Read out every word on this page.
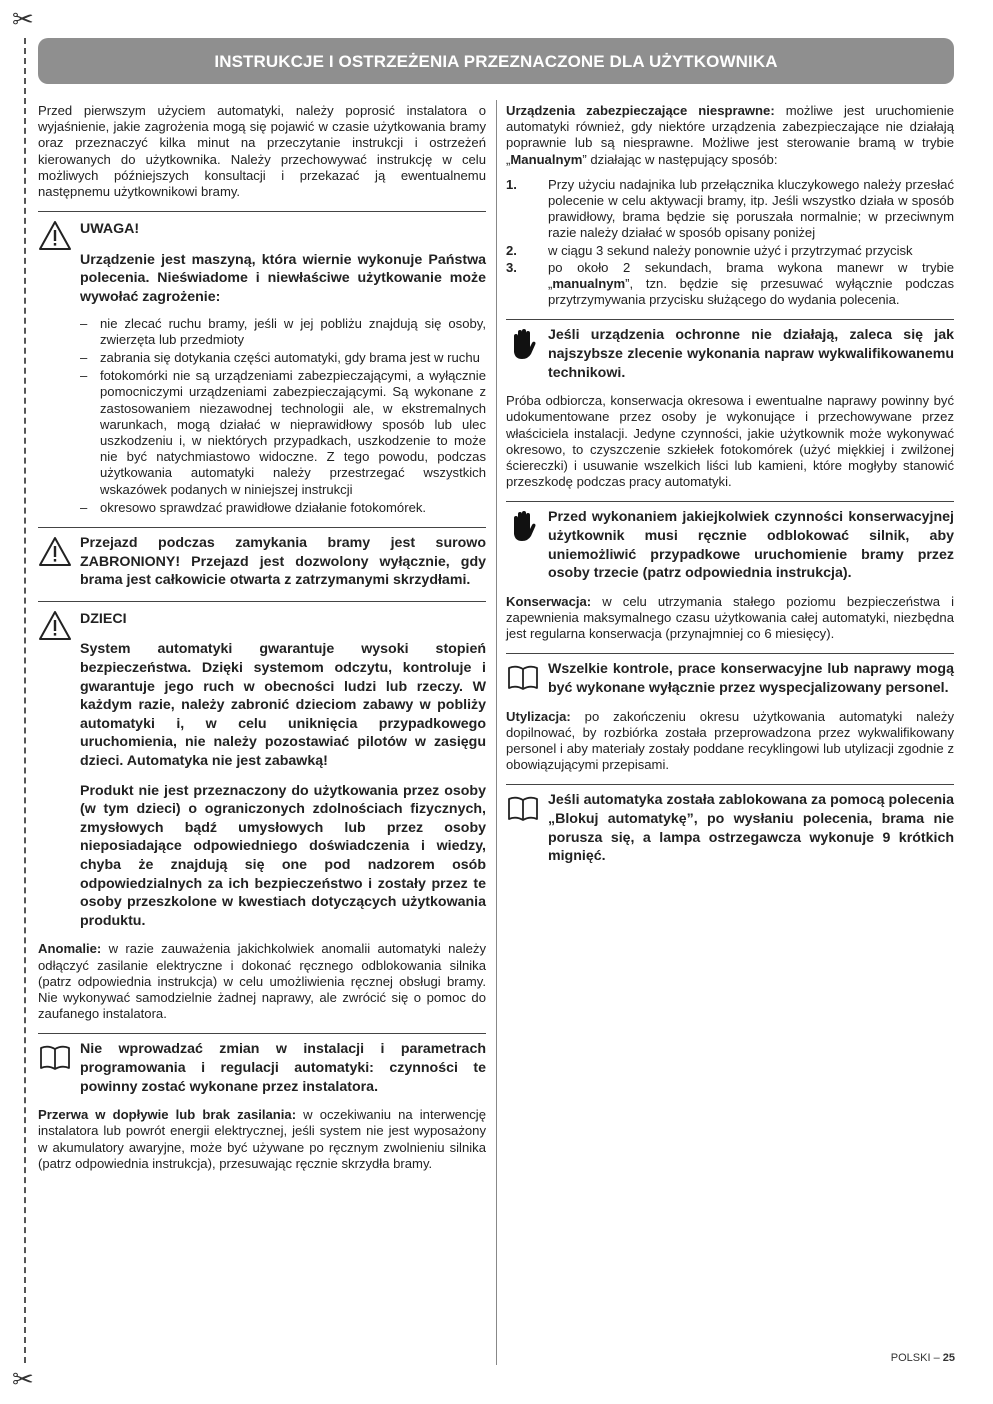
✂
✂
INSTRUKCJE I OSTRZEŻENIA PRZEZNACZONE DLA UŻYTKOWNIKA

Przed pierwszym użyciem automatyki, należy poprosić instalatora o wyjaśnienie, jakie zagrożenia mogą się pojawić w czasie użytkowania bramy oraz przeznaczyć kilka minut na przeczytanie instrukcji i ostrzeżeń kierowanych do użytkownika. Należy przechowywać instrukcję w celu możliwych późniejszych konsultacji i przekazać ją ewentualnemu następnemu użytkownikowi bramy.

UWAGA!

Urządzenie jest maszyną, która wiernie wykonuje Państwa polecenia. Nieświadome i niewłaściwe użytkowanie może wywołać zagrożenie:

– nie zlecać ruchu bramy, jeśli w jej pobliżu znajdują się osoby, zwierzęta lub przedmioty
– zabrania się dotykania części automatyki, gdy brama jest w ruchu
– fotokomórki nie są urządzeniami zabezpieczającymi, a wyłącznie pomocniczymi urządzeniami zabezpieczającymi. Są wykonane z zastosowaniem niezawodnej technologii ale, w ekstremalnych warunkach, mogą działać w nieprawidłowy sposób lub ulec uszkodzeniu i, w niektórych przypadkach, uszkodzenie to może nie być natychmiastowo widoczne. Z tego powodu, podczas użytkowania automatyki należy przestrzegać wszystkich wskazówek podanych w niniejszej instrukcji
– okresowo sprawdzać prawidłowe działanie fotokomórek.

Przejazd podczas zamykania bramy jest surowo ZABRONIONY! Przejazd jest dozwolony wyłącznie, gdy brama jest całkowicie otwarta z zatrzymanymi skrzydłami.

DZIECI

System automatyki gwarantuje wysoki stopień bezpieczeństwa. Dzięki systemom odczytu, kontroluje i gwarantuje jego ruch w obecności ludzi lub rzeczy. W każdym razie, należy zabronić dzieciom zabawy w pobliży automatyki i, w celu uniknięcia przypadkowego uruchomienia, nie należy pozostawiać pilotów w zasięgu dzieci. Automatyka nie jest zabawką!

Produkt nie jest przeznaczony do użytkowania przez osoby (w tym dzieci) o ograniczonych zdolnościach fizycznych, zmysłowych bądź umysłowych lub przez osoby nieposiadające odpowiedniego doświadczenia i wiedzy, chyba że znajdują się one pod nadzorem osób odpowiedzialnych za ich bezpieczeństwo i zostały przez te osoby przeszkolone w kwestiach dotyczących użytkowania produktu.

Anomalie: w razie zauważenia jakichkolwiek anomalii automatyki należy odłączyć zasilanie elektryczne i dokonać ręcznego odblokowania silnika (patrz odpowiednia instrukcja) w celu umożliwienia ręcznej obsługi bramy. Nie wykonywać samodzielnie żadnej naprawy, ale zwrócić się o pomoc do zaufanego instalatora.

Nie wprowadzać zmian w instalacji i parametrach programowania i regulacji automatyki: czynności te powinny zostać wykonane przez instalatora.

Przerwa w dopływie lub brak zasilania: w oczekiwaniu na interwencję instalatora lub powrót energii elektrycznej, jeśli system nie jest wyposażony w akumulatory awaryjne, może być używane po ręcznym zwolnieniu silnika (patrz odpowiednia instrukcja), przesuwając ręcznie skrzydła bramy.

Urządzenia zabezpieczające niesprawne: możliwe jest uruchomienie automatyki również, gdy niektóre urządzenia zabezpieczające nie działają poprawnie lub są niesprawne. Możliwe jest sterowanie bramą w trybie „Manualnym” działając w następujący sposób:

1. Przy użyciu nadajnika lub przełącznika kluczykowego należy przesłać polecenie w celu aktywacji bramy, itp. Jeśli wszystko działa w sposób prawidłowy, brama będzie się poruszała normalnie; w przeciwnym razie należy działać w sposób opisany poniżej
2. w ciągu 3 sekund należy ponownie użyć i przytrzymać przycisk
3. po około 2 sekundach, brama wykona manewr w trybie „manualnym”, tzn. będzie się przesuwać wyłącznie podczas przytrzymywania przycisku służącego do wydania polecenia.

Jeśli urządzenia ochronne nie działają, zaleca się jak najszybsze zlecenie wykonania napraw wykwalifikowanemu technikowi.

Próba odbiorcza, konserwacja okresowa i ewentualne naprawy powinny być udokumentowane przez osoby je wykonujące i przechowywane przez właściciela instalacji. Jedyne czynności, jakie użytkownik może wykonywać okresowo, to czyszczenie szkiełek fotokomórek (użyć miękkiej i zwilżonej ściereczki) i usuwanie wszelkich liści lub kamieni, które mogłyby stanowić przeszkodę podczas pracy automatyki.

Przed wykonaniem jakiejkolwiek czynności konserwacyjnej użytkownik musi ręcznie odblokować silnik, aby uniemożliwić przypadkowe uruchomienie bramy przez osoby trzecie (patrz odpowiednia instrukcja).

Konserwacja: w celu utrzymania stałego poziomu bezpieczeństwa i zapewnienia maksymalnego czasu użytkowania całej automatyki, niezbędna jest regularna konserwacja (przynajmniej co 6 miesięcy).

Wszelkie kontrole, prace konserwacyjne lub naprawy mogą być wykonane wyłącznie przez wyspecjalizowany personel.

Utylizacja: po zakończeniu okresu użytkowania automatyki należy dopilnować, by rozbiórka została przeprowadzona przez wykwalifikowany personel i aby materiały zostały poddane recyklingowi lub utylizacji zgodnie z obowiązującymi przepisami.

Jeśli automatyka została zablokowana za pomocą polecenia „Blokuj automatykę”, po wysłaniu polecenia, brama nie porusza się, a lampa ostrzegawcza wykonuje 9 krótkich mignięć.

POLSKI – 25
